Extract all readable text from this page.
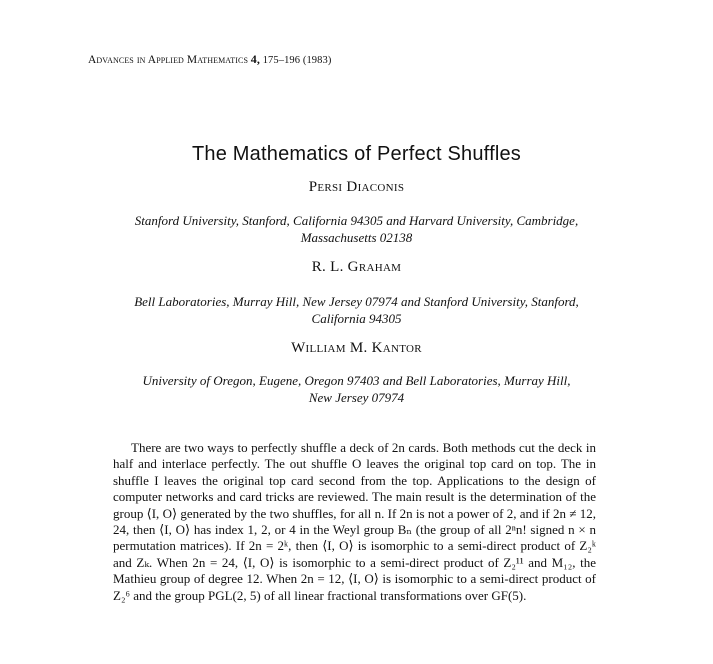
Advances in Applied Mathematics 4, 175–196 (1983)
The Mathematics of Perfect Shuffles
Persi Diaconis
Stanford University, Stanford, California 94305 and Harvard University, Cambridge,
Massachusetts 02138
R. L. Graham
Bell Laboratories, Murray Hill, New Jersey 07974 and Stanford University, Stanford,
California 94305
William M. Kantor
University of Oregon, Eugene, Oregon 97403 and Bell Laboratories, Murray Hill,
New Jersey 07974
There are two ways to perfectly shuffle a deck of 2n cards. Both methods cut the deck in half and interlace perfectly. The out shuffle O leaves the original top card on top. The in shuffle I leaves the original top card second from the top. Applications to the design of computer networks and card tricks are reviewed. The main result is the determination of the group ⟨I, O⟩ generated by the two shuffles, for all n. If 2n is not a power of 2, and if 2n ≠ 12, 24, then ⟨I, O⟩ has index 1, 2, or 4 in the Weyl group Bₙ (the group of all 2ⁿn! signed n × n permutation matrices). If 2n = 2ᵏ, then ⟨I, O⟩ is isomorphic to a semi-direct product of Z₂ᵏ and Zₖ. When 2n = 24, ⟨I, O⟩ is isomorphic to a semi-direct product of Z₂¹¹ and M₁₂, the Mathieu group of degree 12. When 2n = 12, ⟨I, O⟩ is isomorphic to a semi-direct product of Z₂⁶ and the group PGL(2, 5) of all linear fractional transformations over GF(5).
